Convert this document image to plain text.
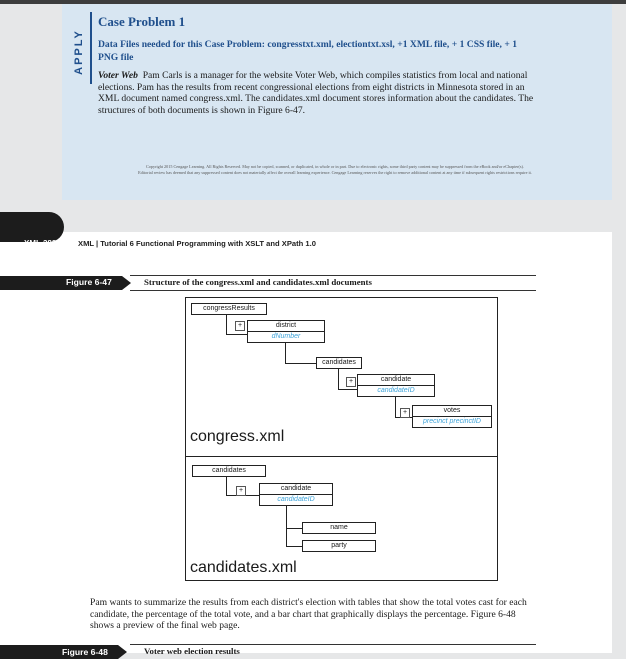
APPLY
Case Problem 1
Data Files needed for this Case Problem: congresstxt.xml, electiontxt.xsl, +1 XML file, + 1 CSS file, + 1 PNG file
Voter Web Pam Carls is a manager for the website Voter Web, which compiles statistics from local and national elections. Pam has the results from recent congressional elections from eight districts in Minnesota stored in an XML document named congress.xml. The candidates.xml document stores information about the candidates. The structures of both documents is shown in Figure 6-47.
Copyright 2015 Cengage Learning. All Rights Reserved. May not be copied, scanned, or duplicated, in whole or in part. Due to electronic rights, some third party content may be suppressed from the eBook and/or eChapter(s).
Editorial review has deemed that any suppressed content does not materially affect the overall learning experience. Cengage Learning reserves the right to remove additional content at any time if subsequent rights restrictions require it.
XML 388	XML | Tutorial 6 Functional Programming with XSLT and XPath 1.0
Figure 6-47	Structure of the congress.xml and candidates.xml documents
congressResults
+	district
dNumber
candidates
+	candidate
candidateID
+	votes
precinct precinctID
congress.xml
candidates
+	candidate
candidateID
name
party
candidates.xml
Pam wants to summarize the results from each district's election with tables that show the total votes cast for each candidate, the percentage of the total vote, and a bar chart that graphically displays the percentage. Figure 6-48 shows a preview of the final web page.
Figure 6-48	Voter web election results
